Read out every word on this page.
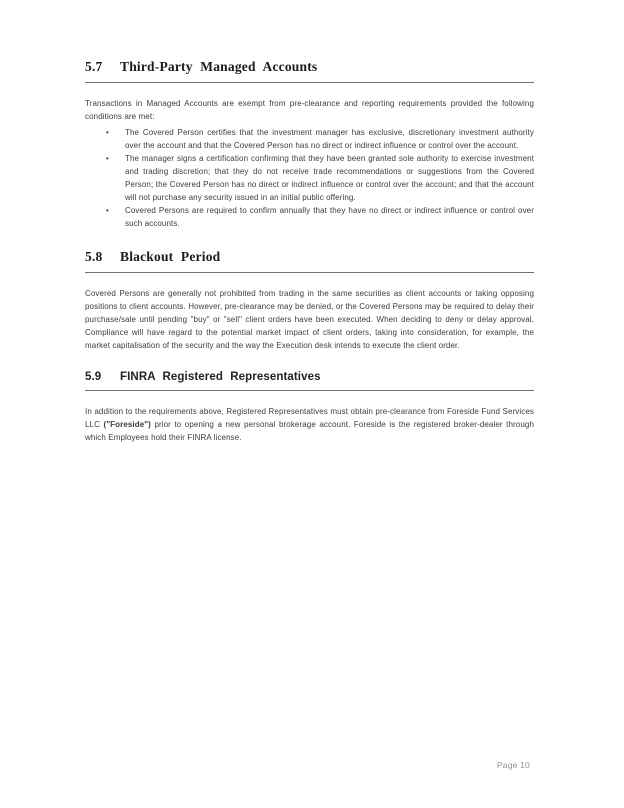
5.7	Third-Party Managed Accounts

Transactions in Managed Accounts are exempt from pre-clearance and reporting requirements provided the following conditions are met:

• The Covered Person certifies that the investment manager has exclusive, discretionary investment authority over the account and that the Covered Person has no direct or indirect influence or control over the account.
• The manager signs a certification confirming that they have been granted sole authority to exercise investment and trading discretion; that they do not receive trade recommendations or suggestions from the Covered Person; the Covered Person has no direct or indirect influence or control over the account; and that the account will not purchase any security issued in an initial public offering.
• Covered Persons are required to confirm annually that they have no direct or indirect influence or control over such accounts.
5.8	Blackout Period

Covered Persons are generally not prohibited from trading in the same securities as client accounts or taking opposing positions to client accounts. However, pre-clearance may be denied, or the Covered Persons may be required to delay their purchase/sale until pending "buy" or "sell" client orders have been executed. When deciding to deny or delay approval, Compliance will have regard to the potential market impact of client orders, taking into consideration, for example, the market capitalisation of the security and the way the Execution desk intends to execute the client order.

5.9	FINRA Registered Representatives

In addition to the requirements above, Registered Representatives must obtain pre-clearance from Foreside Fund Services LLC ("Foreside") prior to opening a new personal brokerage account. Foreside is the registered broker-dealer through which Employees hold their FINRA license.

Page 10
